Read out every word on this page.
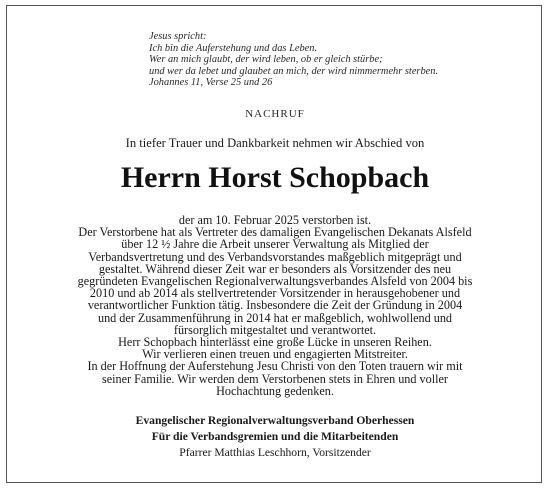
Jesus spricht:
Ich bin die Auferstehung und das Leben.
Wer an mich glaubt, der wird leben, ob er gleich stürbe;
und wer da lebet und glaubet an mich, der wird nimmermehr sterben.
Johannes 11, Verse 25 und 26
NACHRUF
In tiefer Trauer und Dankbarkeit nehmen wir Abschied von
Herrn Horst Schopbach
der am 10. Februar 2025 verstorben ist.
Der Verstorbene hat als Vertreter des damaligen Evangelischen Dekanats Alsfeld
über 12 ½ Jahre die Arbeit unserer Verwaltung als Mitglied der
Verbandsvertretung und des Verbandsvorstandes maßgeblich mitgeprägt und
gestaltet. Während dieser Zeit war er besonders als Vorsitzender des neu
gegründeten Evangelischen Regionalverwaltungsverbandes Alsfeld von 2004 bis
2010 und ab 2014 als stellvertretender Vorsitzender in herausgehobener und
verantwortlicher Funktion tätig. Insbesondere die Zeit der Gründung in 2004
und der Zusammenführung in 2014 hat er maßgeblich, wohlwollend und
fürsorglich mitgestaltet und verantwortet.
Herr Schopbach hinterlässt eine große Lücke in unseren Reihen.
Wir verlieren einen treuen und engagierten Mitstreiter.
In der Hoffnung der Auferstehung Jesu Christi von den Toten trauern wir mit
seiner Familie. Wir werden dem Verstorbenen stets in Ehren und voller
Hochachtung gedenken.
Evangelischer Regionalverwaltungsverband Oberhessen
Für die Verbandsgremien und die Mitarbeitenden
Pfarrer Matthias Leschhorn, Vorsitzender
